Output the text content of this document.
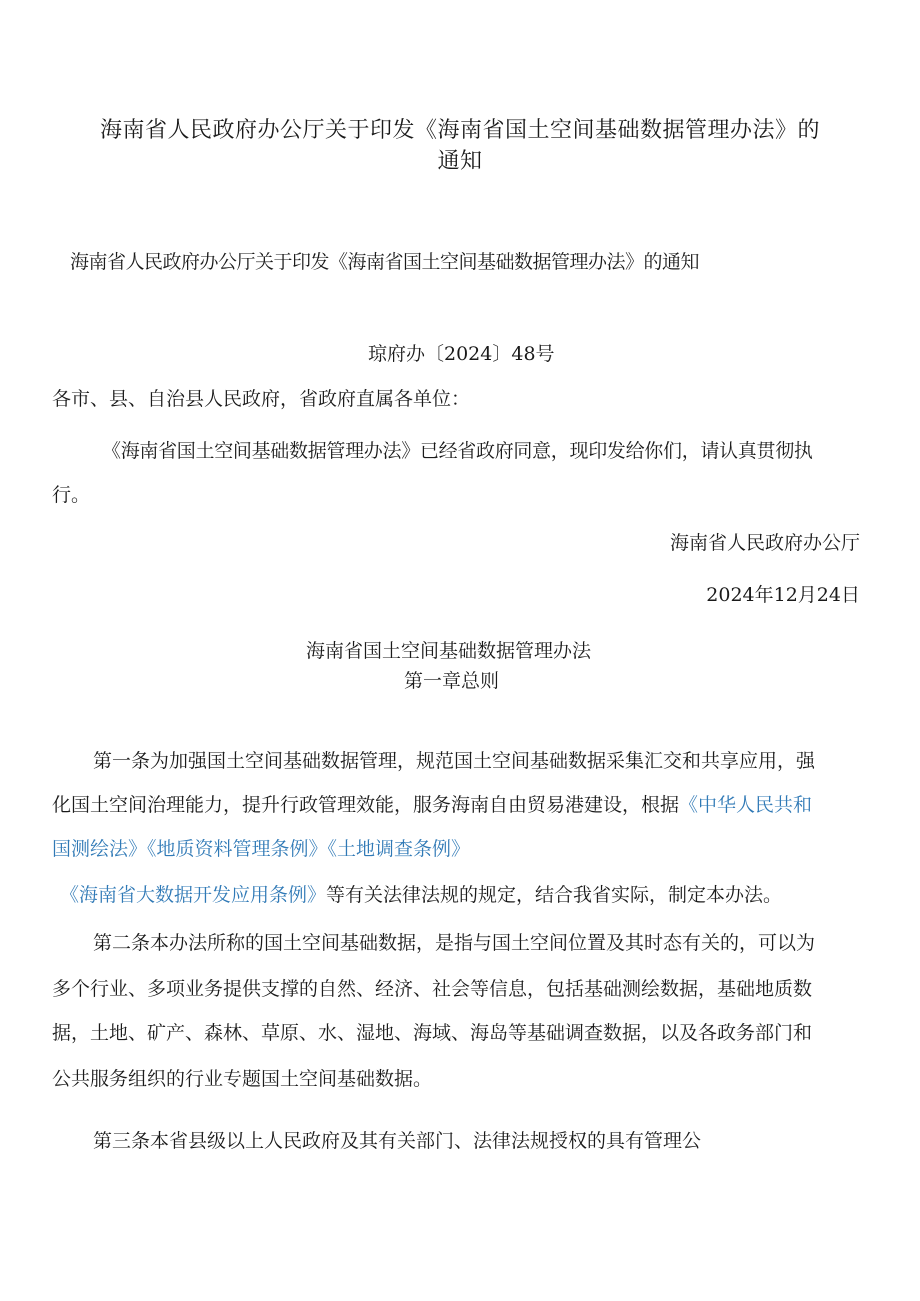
海南省人民政府办公厅关于印发《海南省国土空间基础数据管理办法》的

通知

海南省人民政府办公厅关于印发《海南省国土空间基础数据管理办法》的通知

琼府办〔2024〕48号

各市、县、自治县人民政府，省政府直属各单位：

《海南省国土空间基础数据管理办法》已经省政府同意，现印发给你们，请认真贯彻执

行。

海南省人民政府办公厅

2024年12月24日

海南省国土空间基础数据管理办法

第一章总则

第一条为加强国土空间基础数据管理，规范国土空间基础数据采集汇交和共享应用，强

化国土空间治理能力，提升行政管理效能，服务海南自由贸易港建设，根据《中华人民共和

国测绘法》《地质资料管理条例》《土地调查条例》

《海南省大数据开发应用条例》等有关法律法规的规定，结合我省实际，制定本办法。

第二条本办法所称的国土空间基础数据，是指与国土空间位置及其时态有关的，可以为

多个行业、多项业务提供支撑的自然、经济、社会等信息，包括基础测绘数据，基础地质数

据，土地、矿产、森林、草原、水、湿地、海域、海岛等基础调查数据，以及各政务部门和

公共服务组织的行业专题国土空间基础数据。

第三条本省县级以上人民政府及其有关部门、法律法规授权的具有管理公
